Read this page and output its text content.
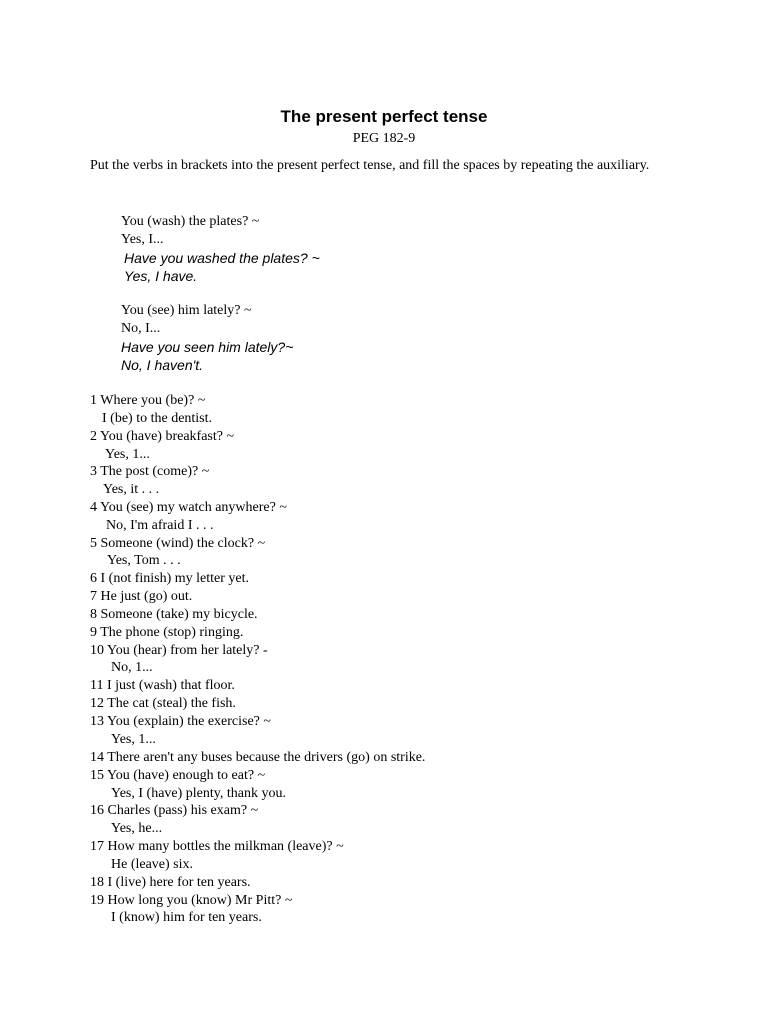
The present perfect tense
PEG 182-9
Put the verbs in brackets into the present perfect tense, and fill the spaces by repeating the auxiliary.
You (wash) the plates? ~
Yes, I...
Have you washed the plates? ~
Yes, I have.
You (see) him lately? ~
No, I...
Have you seen him lately?~
No, I haven't.
1 Where you (be)? ~
I (be) to the dentist.
2 You (have) breakfast? ~
Yes, 1...
3 The post (come)? ~
Yes, it . . .
4 You (see) my watch anywhere? ~
No, I'm afraid I . . .
5 Someone (wind) the clock? ~
Yes, Tom . . .
6 I (not finish) my letter yet.
7 He just (go) out.
8 Someone (take) my bicycle.
9 The phone (stop) ringing.
10 You (hear) from her lately? -
No, 1...
11 I just (wash) that floor.
12 The cat (steal) the fish.
13 You (explain) the exercise? ~
Yes, 1...
14 There aren't any buses because the drivers (go) on strike.
15 You (have) enough to eat? ~
Yes, I (have) plenty, thank you.
16 Charles (pass) his exam? ~
Yes, he...
17 How many bottles the milkman (leave)? ~
He (leave) six.
18 I (live) here for ten years.
19 How long you (know) Mr Pitt? ~
I (know) him for ten years.
